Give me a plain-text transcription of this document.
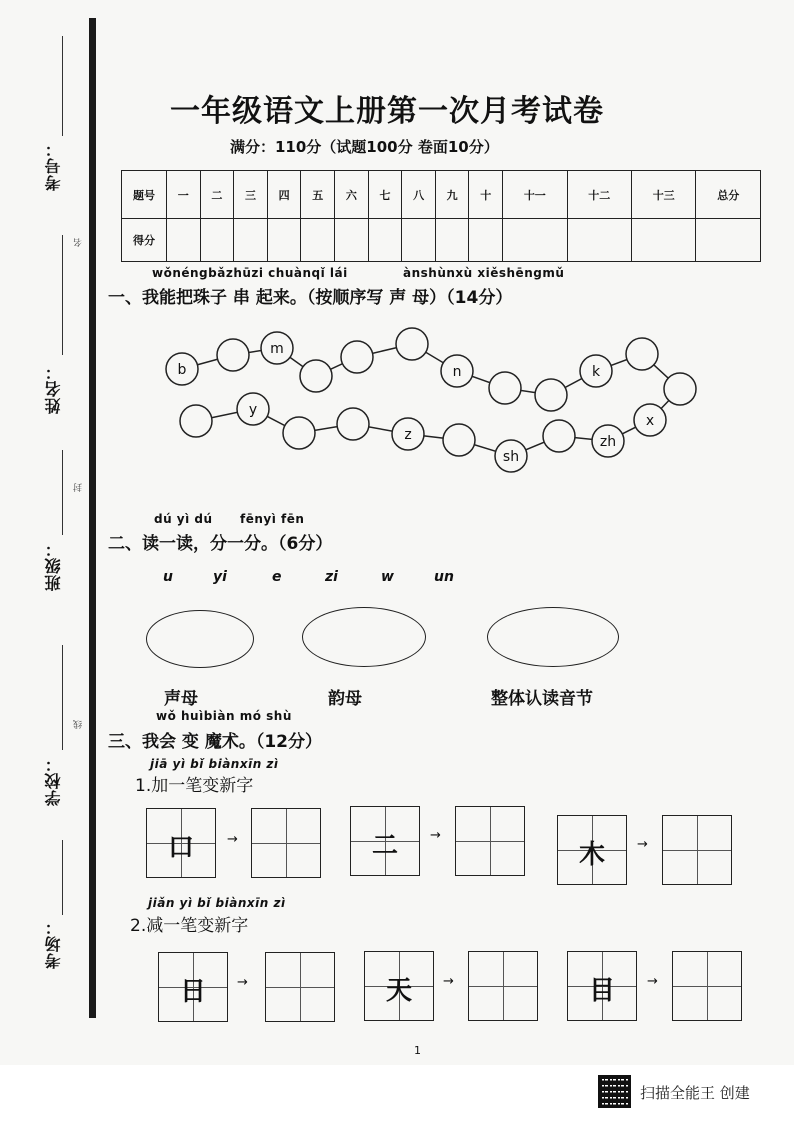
考号：
名
姓名：
封
班级：
线
学校：
考场：
一年级语文上册第一次月考试卷
满分：110分（试题100分 卷面10分）
题号	一	二	三	四	五	六	七	八	九	十	十一	十二	十三	总分
得分														
wǒnéngbǎzhūzi chuànqǐ lái	ànshùnxù xiěshēngmǔ
一、我能把珠子 串 起来。（按顺序写 声 母）（14分）
b
m
n	k
y
z
sh
zh
x
dú yì dú fēnyì fēn
二、读一读，分一分。（6分）
u	yi	e	zi	w	un
声母	韵母	整体认读音节
wǒ huìbiàn mó shù
三、我会 变 魔术。（12分）
jiā yì bǐ biànxīn zì
1.加一笔变新字
口	→	二	→
木	→
jiǎn yì bǐ biànxīn zì
2.减一笔变新字
日	→	天	→	目	→
1
扫描全能王 创建
